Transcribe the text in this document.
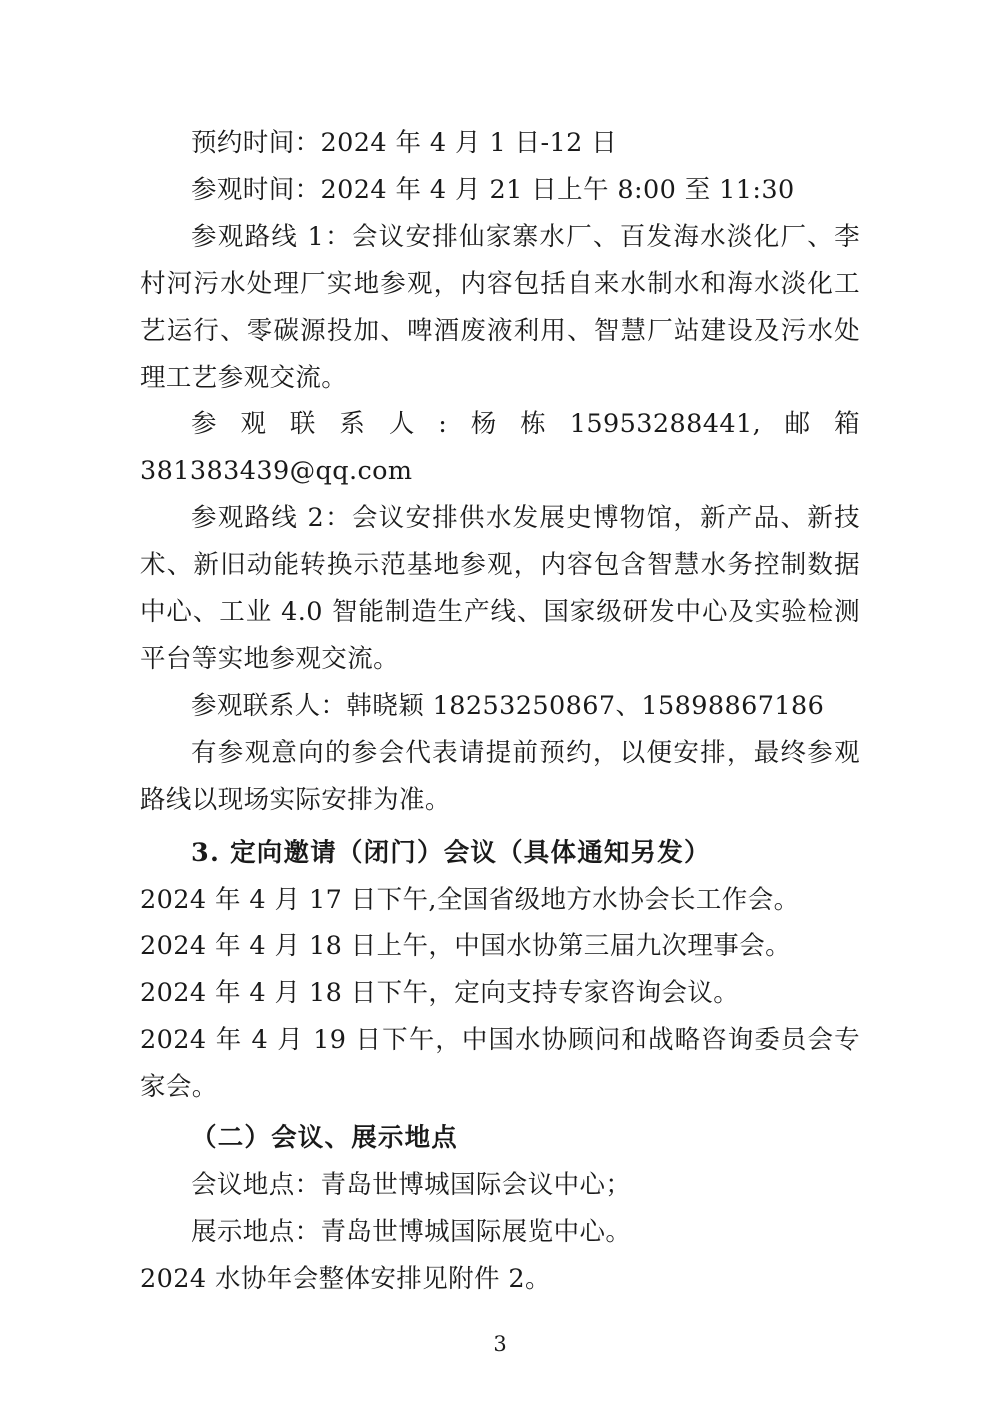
预约时间：2024 年 4 月 1 日-12 日

参观时间：2024 年 4 月 21 日上午 8:00 至 11:30

参观路线 1：会议安排仙家寨水厂、百发海水淡化厂、李村河污水处理厂实地参观，内容包括自来水制水和海水淡化工艺运行、零碳源投加、啤酒废液利用、智慧厂站建设及污水处理工艺参观交流。

参观联系人:杨栋15953288441,邮箱 381383439@qq.com

参观路线 2：会议安排供水发展史博物馆，新产品、新技术、新旧动能转换示范基地参观，内容包含智慧水务控制数据中心、工业 4.0 智能制造生产线、国家级研发中心及实验检测平台等实地参观交流。

参观联系人：韩晓颖 18253250867、15898867186

有参观意向的参会代表请提前预约，以便安排，最终参观路线以现场实际安排为准。

3. 定向邀请（闭门）会议（具体通知另发）

2024 年 4 月 17 日下午,全国省级地方水协会长工作会。

2024 年 4 月 18 日上午，中国水协第三届九次理事会。

2024 年 4 月 18 日下午，定向支持专家咨询会议。

2024 年 4 月 19 日下午，中国水协顾问和战略咨询委员会专家会。

（二）会议、展示地点

会议地点：青岛世博城国际会议中心；

展示地点：青岛世博城国际展览中心。

2024 水协年会整体安排见附件 2。

3
